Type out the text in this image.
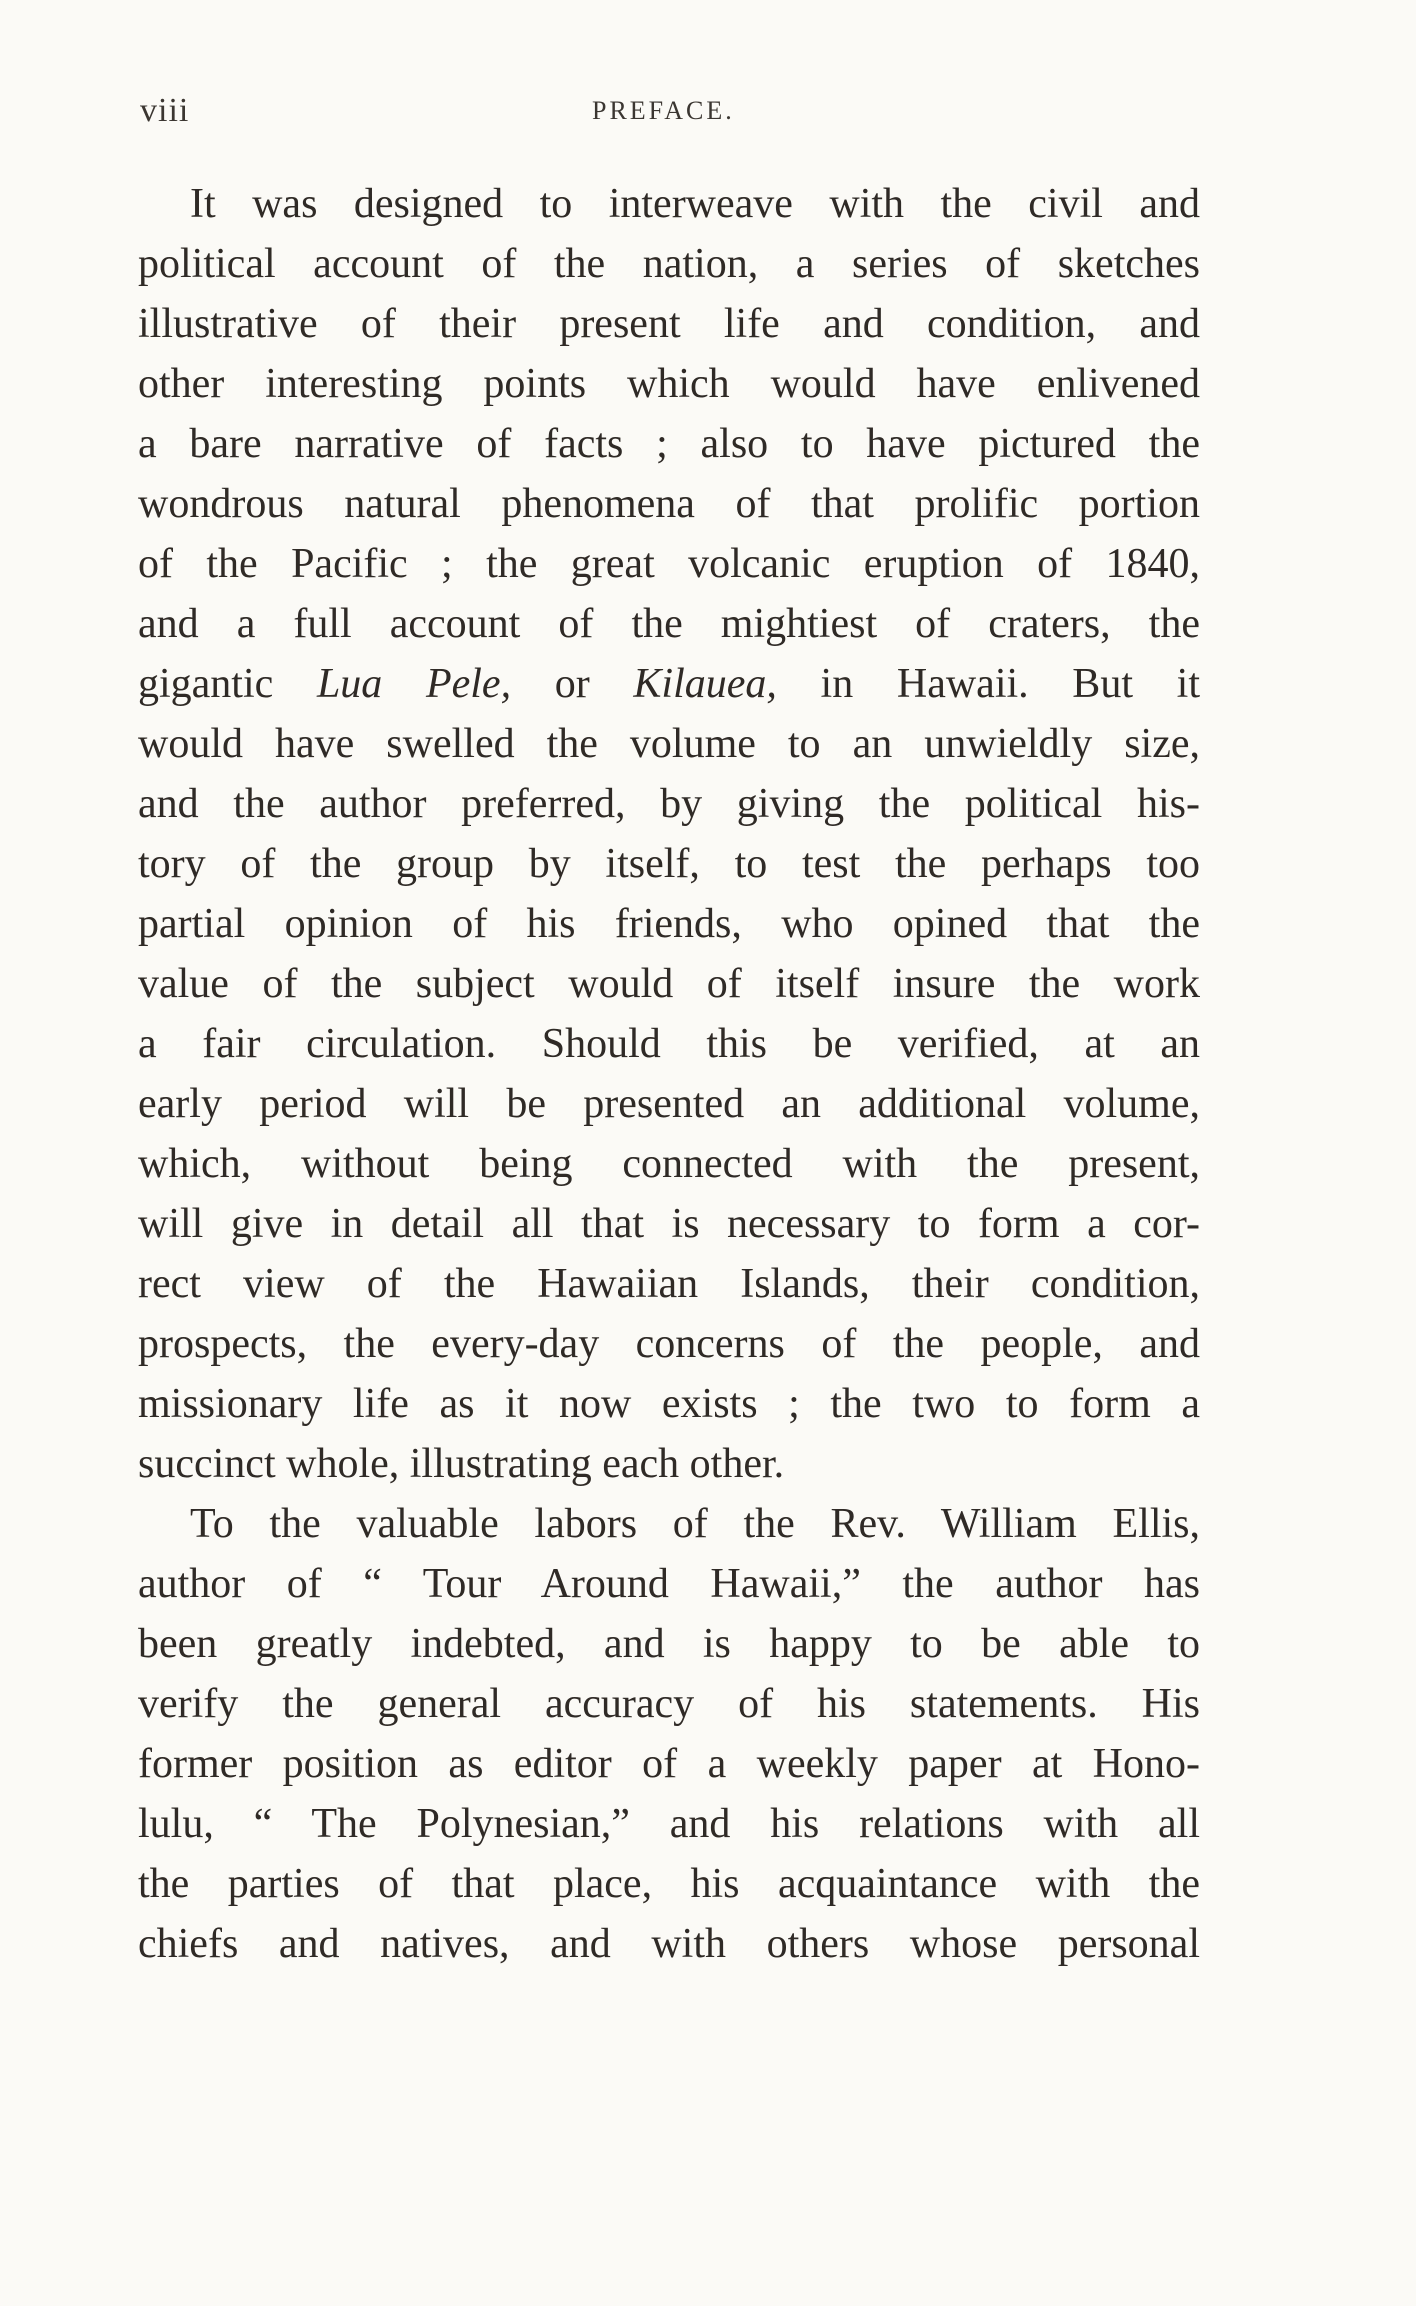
viii	PREFACE.
It was designed to interweave with the civil and
political account of the nation, a series of sketches
illustrative of their present life and condition, and
other interesting points which would have enlivened
a bare narrative of facts ; also to have pictured the
wondrous natural phenomena of that prolific portion
of the Pacific ; the great volcanic eruption of 1840,
and a full account of the mightiest of craters, the
gigantic Lua Pele, or Kilauea, in Hawaii. But it
would have swelled the volume to an unwieldly size,
and the author preferred, by giving the political his-
tory of the group by itself, to test the perhaps too
partial opinion of his friends, who opined that the
value of the subject would of itself insure the work
a fair circulation. Should this be verified, at an
early period will be presented an additional volume,
which, without being connected with the present,
will give in detail all that is necessary to form a cor-
rect view of the Hawaiian Islands, their condition,
prospects, the every-day concerns of the people, and
missionary life as it now exists ; the two to form a
succinct whole, illustrating each other.
To the valuable labors of the Rev. William Ellis,
author of “ Tour Around Hawaii,” the author has
been greatly indebted, and is happy to be able to
verify the general accuracy of his statements. His
former position as editor of a weekly paper at Hono-
lulu, “ The Polynesian,” and his relations with all
the parties of that place, his acquaintance with the
chiefs and natives, and with others whose personal
